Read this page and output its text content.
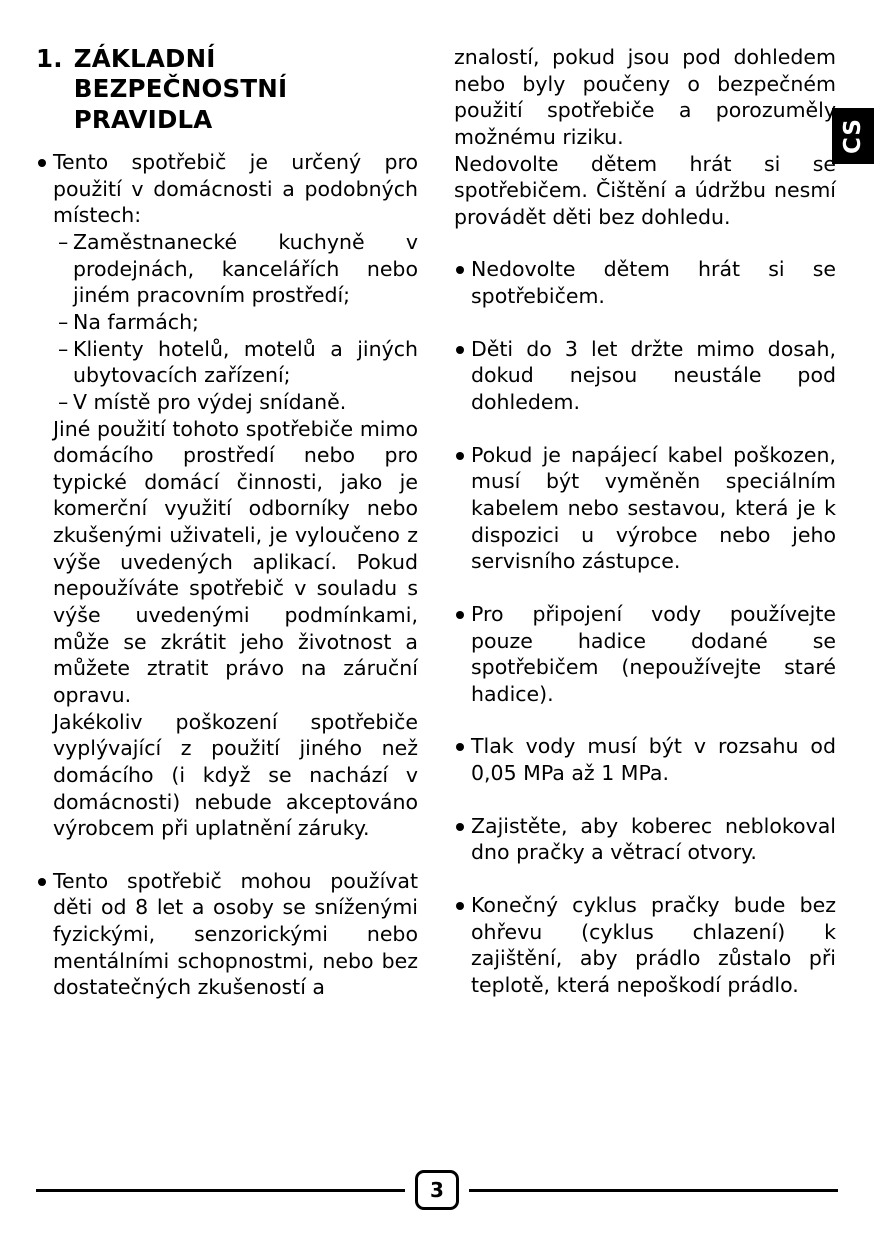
CS
1. ZÁKLADNÍ BEZPEČNOSTNÍ PRAVIDLA

Tento spotřebič je určený pro použití v domácnosti a podobných místech:

– Zaměstnanecké kuchyně v prodejnách, kancelářích nebo jiném pracovním prostředí;
– Na farmách;
– Klienty hotelů, motelů a jiných ubytovacích zařízení;
– V místě pro výdej snídaně.

Jiné použití tohoto spotřebiče mimo domácího prostředí nebo pro typické domácí činnosti, jako je komerční využití odborníky nebo zkušenými uživateli, je vyloučeno z výše uvedených aplikací. Pokud nepoužíváte spotřebič v souladu s výše uvedenými podmínkami, může se zkrátit jeho životnost a můžete ztratit právo na záruční opravu.

Jakékoliv poškození spotřebiče vyplývající z použití jiného než domácího (i když se nachází v domácnosti) nebude akceptováno výrobcem při uplatnění záruky.

Tento spotřebič mohou používat děti od 8 let a osoby se sníženými fyzickými, senzorickými nebo mentálními schopnostmi, nebo bez dostatečných zkušeností a

znalostí, pokud jsou pod dohledem nebo byly poučeny o bezpečném použití spotřebiče a porozuměly možnému riziku.

Nedovolte dětem hrát si se spotřebičem. Čištění a údržbu nesmí provádět děti bez dohledu.

Nedovolte dětem hrát si se spotřebičem.

Děti do 3 let držte mimo dosah, dokud nejsou neustále pod dohledem.

Pokud je napájecí kabel poškozen, musí být vyměněn speciálním kabelem nebo sestavou, která je k dispozici u výrobce nebo jeho servisního zástupce.

Pro připojení vody používejte pouze hadice dodané se spotřebičem (nepoužívejte staré hadice).

Tlak vody musí být v rozsahu od 0,05 MPa až 1 MPa.

Zajistěte, aby koberec neblokoval dno pračky a větrací otvory.

Konečný cyklus pračky bude bez ohřevu (cyklus chlazení) k zajištění, aby prádlo zůstalo při teplotě, která nepoškodí prádlo.

3
